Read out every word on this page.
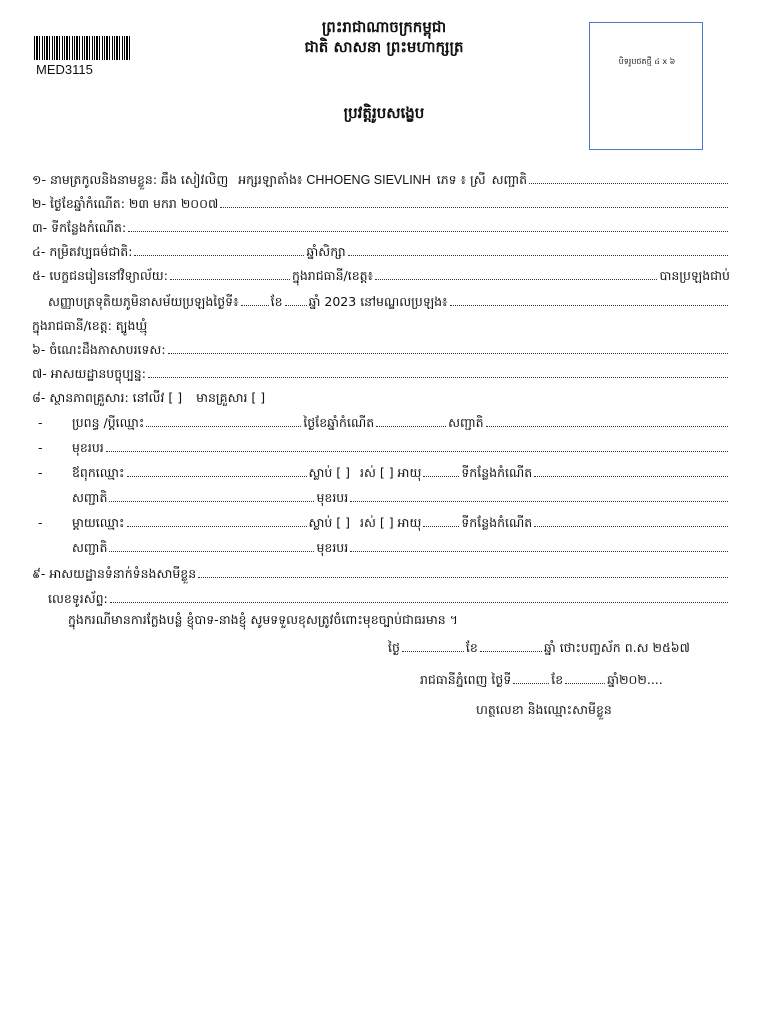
MED3115
ព្រះរាជាណាចក្រកម្ពុជា
ជាតិ សាសនា ព្រះមហាក្សត្រ
បិទរូបថតថ្មី ៤ x ៦
ប្រវត្តិរូបសង្ខេប
១- នាមត្រកូលនិងនាមខ្លួន: ឆឹង សៀវលិញ អក្សរឡាតាំង៖ CHHOENG SIEVLINH ភេទ ៖ ស្រី សញ្ជាតិ
២- ថ្ងៃខែឆ្នាំកំណើត: ២៣ មករា ២០០៧
៣- ទីកន្លែងកំណើត:
៤- កម្រិតវប្បធម៌ជាតិ:	ឆ្នាំសិក្សា
៥- បេក្ខជនរៀននៅវិទ្យាល័យ:	ក្នុងរាជធានី/ខេត្ត៖	បានប្រឡងជាប់
សញ្ញាបត្រទុតិយភូមិនាសម័យប្រឡងថ្ងៃទី៖	ខែ ឆ្នាំ 2023 នៅមណ្ឌលប្រឡង៖
ក្នុងរាជធានី/ខេត្ត: ត្បូងឃ្មុំ
៦- ចំណេះដឹងភាសាបរទេស:
៧- អាសយដ្ឋានបច្ចុប្បន្ន:
៨- ស្ថានភាពគ្រួសារ: នៅលីវ [ ] មានគ្រួសារ [ ]
-	ប្រពន្ធ /ប្តីឈ្មោះ	ថ្ងៃខែឆ្នាំកំណើត	សញ្ជាតិ
-	មុខរបរ
-	ឪពុកឈ្មោះ	ស្លាប់ [ ] រស់ [ ] អាយុ	ទីកន្លែងកំណើត
សញ្ជាតិ	មុខរបរ
-	ម្តាយឈ្មោះ	ស្លាប់ [ ] រស់ [ ] អាយុ	ទីកន្លែងកំណើត
សញ្ជាតិ	មុខរបរ
៩- អាសយដ្ឋានទំនាក់ទំនងសាមីខ្លួន
លេខទូរស័ព្ទ:
ក្នុងករណីមានការក្លែងបន្លំ ខ្ញុំបាទ-នាងខ្ញុំ សូមទទួលខុសត្រូវចំពោះមុខច្បាប់ជាធរមាន ។
ថ្ងៃ	ខែ	ឆ្នាំ ថោះបញ្ចស័ក ព.ស ២៥៦៧
រាជធានីភ្នំពេញ ថ្ងៃទី	ខែ	ឆ្នាំ២០២....
ហត្ថលេខា និងឈ្មោះសាមីខ្លួន
